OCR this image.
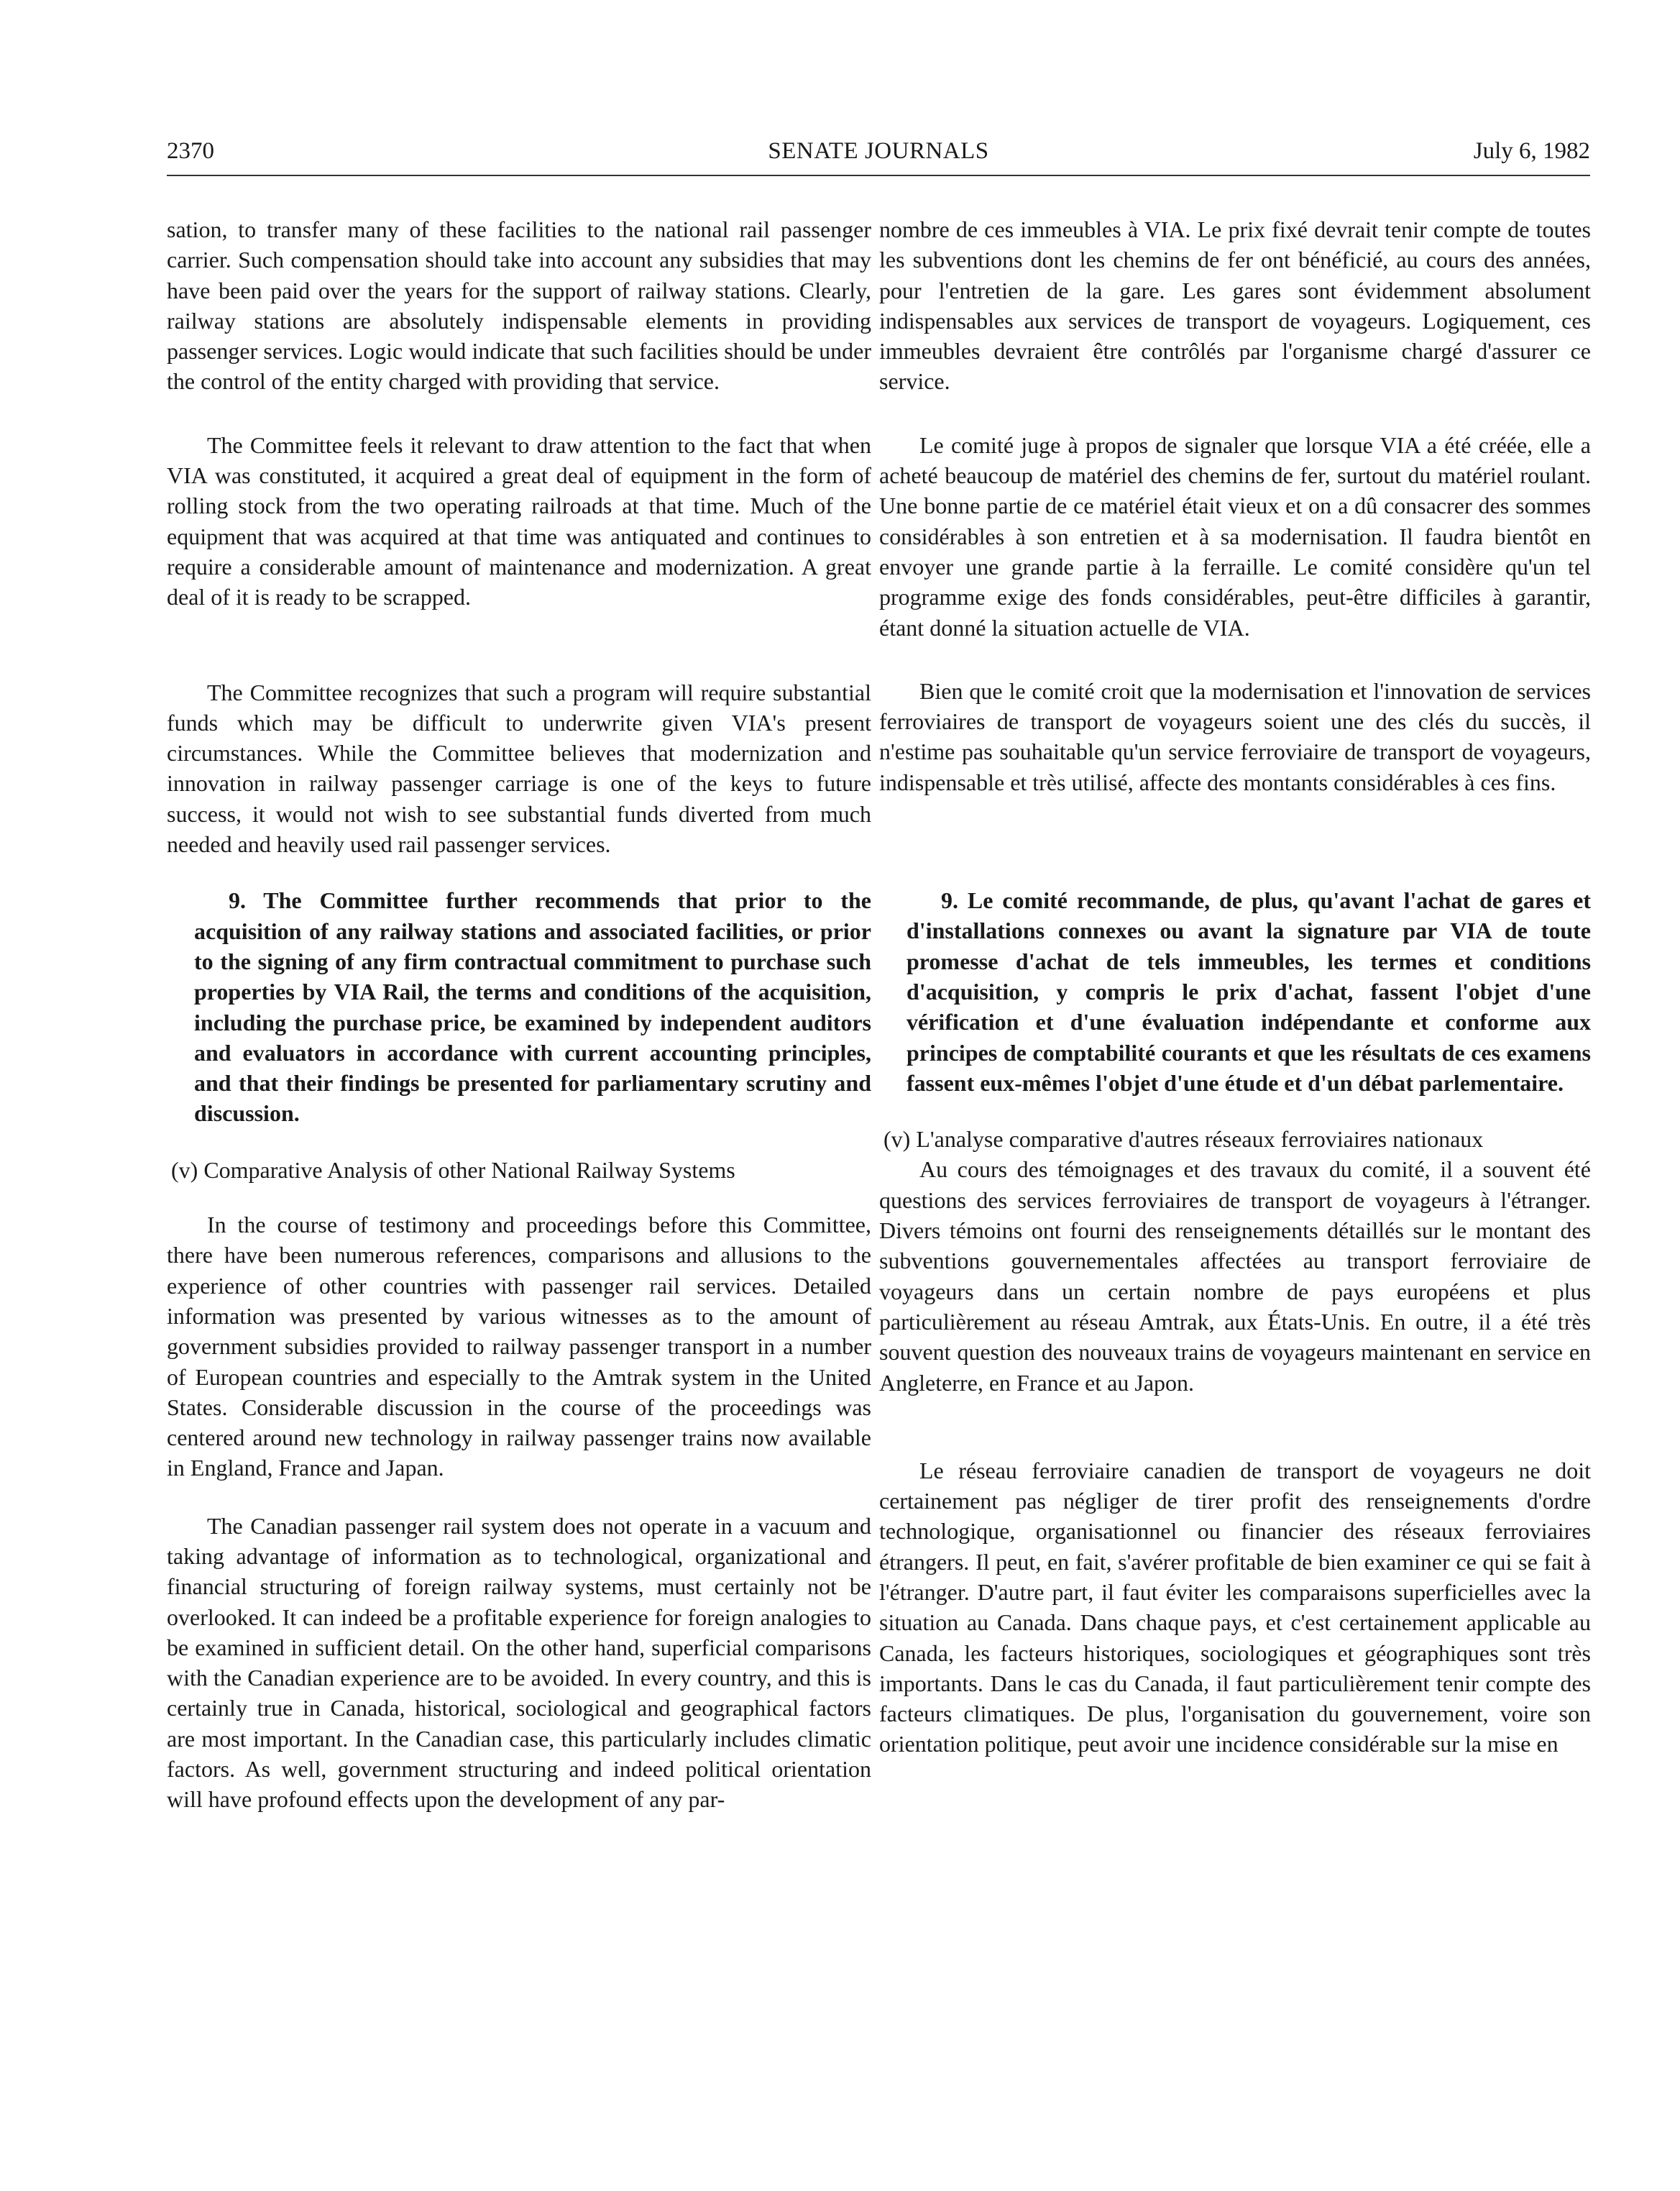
2370	SENATE JOURNALS	July 6, 1982

sation, to transfer many of these facilities to the national rail passenger carrier. Such compensation should take into account any subsidies that may have been paid over the years for the support of railway stations. Clearly, railway stations are absolutely indispensable elements in providing passenger services. Logic would indicate that such facilities should be under the control of the entity charged with providing that service.

The Committee feels it relevant to draw attention to the fact that when VIA was constituted, it acquired a great deal of equipment in the form of rolling stock from the two operating railroads at that time. Much of the equipment that was acquired at that time was antiquated and continues to require a considerable amount of maintenance and modernization. A great deal of it is ready to be scrapped.

The Committee recognizes that such a program will require substantial funds which may be difficult to underwrite given VIA's present circumstances. While the Committee believes that modernization and innovation in railway passenger carriage is one of the keys to future success, it would not wish to see substantial funds diverted from much needed and heavily used rail passenger services.

9. The Committee further recommends that prior to the acquisition of any railway stations and associated facilities, or prior to the signing of any firm contractual commitment to purchase such properties by VIA Rail, the terms and conditions of the acquisition, including the purchase price, be examined by independent auditors and evaluators in accordance with current accounting principles, and that their findings be presented for parliamentary scrutiny and discussion.

(v) Comparative Analysis of other National Railway Systems

In the course of testimony and proceedings before this Committee, there have been numerous references, comparisons and allusions to the experience of other countries with passenger rail services. Detailed information was presented by various witnesses as to the amount of government subsidies provided to railway passenger transport in a number of European countries and especially to the Amtrak system in the United States. Considerable discussion in the course of the proceedings was centered around new technology in railway passenger trains now available in England, France and Japan.

The Canadian passenger rail system does not operate in a vacuum and taking advantage of information as to technological, organizational and financial structuring of foreign railway systems, must certainly not be overlooked. It can indeed be a profitable experience for foreign analogies to be examined in sufficient detail. On the other hand, superficial comparisons with the Canadian experience are to be avoided. In every country, and this is certainly true in Canada, historical, sociological and geographical factors are most important. In the Canadian case, this particularly includes climatic factors. As well, government structuring and indeed political orientation will have profound effects upon the development of any par-

nombre de ces immeubles à VIA. Le prix fixé devrait tenir compte de toutes les subventions dont les chemins de fer ont bénéficié, au cours des années, pour l'entretien de la gare. Les gares sont évidemment absolument indispensables aux services de transport de voyageurs. Logiquement, ces immeubles devraient être contrôlés par l'organisme chargé d'assurer ce service.

Le comité juge à propos de signaler que lorsque VIA a été créée, elle a acheté beaucoup de matériel des chemins de fer, surtout du matériel roulant. Une bonne partie de ce matériel était vieux et on a dû consacrer des sommes considérables à son entretien et à sa modernisation. Il faudra bientôt en envoyer une grande partie à la ferraille. Le comité considère qu'un tel programme exige des fonds considérables, peut-être difficiles à garantir, étant donné la situation actuelle de VIA.

Bien que le comité croit que la modernisation et l'innovation de services ferroviaires de transport de voyageurs soient une des clés du succès, il n'estime pas souhaitable qu'un service ferroviaire de transport de voyageurs, indispensable et très utilisé, affecte des montants considérables à ces fins.

9. Le comité recommande, de plus, qu'avant l'achat de gares et d'installations connexes ou avant la signature par VIA de toute promesse d'achat de tels immeubles, les termes et conditions d'acquisition, y compris le prix d'achat, fassent l'objet d'une vérification et d'une évaluation indépendante et conforme aux principes de comptabilité courants et que les résultats de ces examens fassent eux-mêmes l'objet d'une étude et d'un débat parlementaire.

(v) L'analyse comparative d'autres réseaux ferroviaires nationaux

Au cours des témoignages et des travaux du comité, il a souvent été questions des services ferroviaires de transport de voyageurs à l'étranger. Divers témoins ont fourni des renseignements détaillés sur le montant des subventions gouvernementales affectées au transport ferroviaire de voyageurs dans un certain nombre de pays européens et plus particulièrement au réseau Amtrak, aux États-Unis. En outre, il a été très souvent question des nouveaux trains de voyageurs maintenant en service en Angleterre, en France et au Japon.

Le réseau ferroviaire canadien de transport de voyageurs ne doit certainement pas négliger de tirer profit des renseignements d'ordre technologique, organisationnel ou financier des réseaux ferroviaires étrangers. Il peut, en fait, s'avérer profitable de bien examiner ce qui se fait à l'étranger. D'autre part, il faut éviter les comparaisons superficielles avec la situation au Canada. Dans chaque pays, et c'est certainement applicable au Canada, les facteurs historiques, sociologiques et géographiques sont très importants. Dans le cas du Canada, il faut particulièrement tenir compte des facteurs climatiques. De plus, l'organisation du gouvernement, voire son orientation politique, peut avoir une incidence considérable sur la mise en
